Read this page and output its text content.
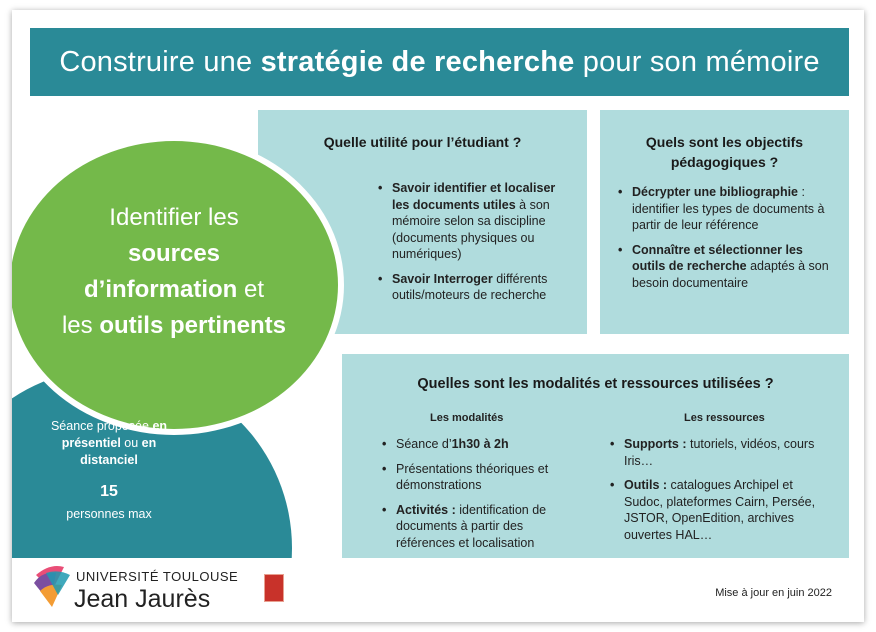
Construire une
stratégie de recherche
pour son mémoire
Quelle utilité pour l’étudiant ?
• Savoir identifier et localiser les documents utiles à son mémoire selon sa discipline (documents physiques ou numériques)
• Savoir Interroger différents outils/moteurs de recherche
Quels sont les objectifs pédagogiques ?
• Décrypter une bibliographie : identifier les types de documents à partir de leur référence
• Connaître et sélectionner les outils de recherche adaptés à son besoin documentaire
Quelles sont les modalités et ressources utilisées ?
Les modalités
• Séance d’1h30 à 2h
• Présentations théoriques et démonstrations
• Activités : identification de documents à partir des références et localisation
Les ressources
• Supports : tutoriels, vidéos, cours Iris…
• Outils : catalogues Archipel et Sudoc, plateformes Cairn, Persée, JSTOR, OpenEdition, archives ouvertes HAL…
Identifier les
sources
d’information et
les outils pertinents
Séance proposée en
présentiel ou en
distanciel
15
personnes max
UNIVERSITÉ TOULOUSE
Jean Jaurès	Mise à jour en juin 2022
